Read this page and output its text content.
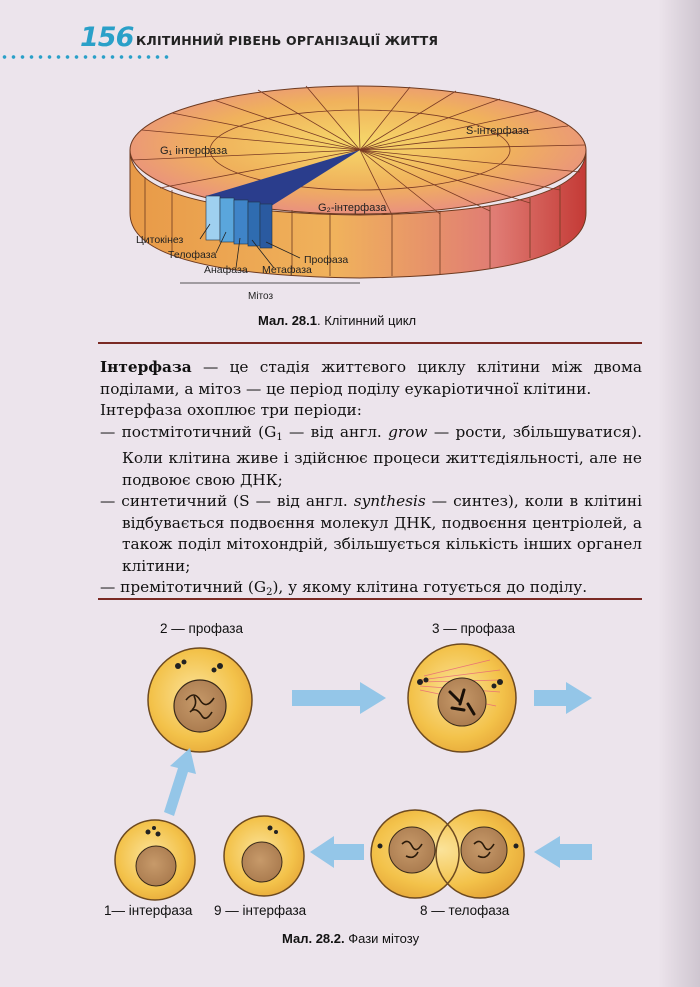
156 КЛІТИННИЙ РІВЕНЬ ОРГАНІЗАЦІЇ ЖИТТЯ
G₁ інтерфаза
S-інтерфаза
G₂-інтерфаза
Цитокінез
Телофаза
Анафаза Метафаза
Профаза
Мітоз
Мал. 28.1. Клітинний цикл

Інтерфаза — це стадія життєвого циклу клітини між двома поділами, а мітоз — це період поділу еукаріотичної клітини.

Інтерфаза охоплює три періоди:

— постмітотичний ($G_1$ — від англ. grow — рости, збільшуватися). Коли клітина живе і здійснює процеси життєдіяльності, але не подвоює свою ДНК;
— синтетичний (S — від англ. synthesis — синтез), коли в клітині відбувається подвоєння молекул ДНК, подвоєння центріолей, а також поділ мітохондрій, збільшується кількість інших органел клітини;
— премітотичний $(G_2)$, у якому клітина готується до поділу.
2 — профаза	3 — профаза
1— інтерфаза 9 — інтерфаза	8 — телофаза
Мал. 28.2. Фази мітозу
